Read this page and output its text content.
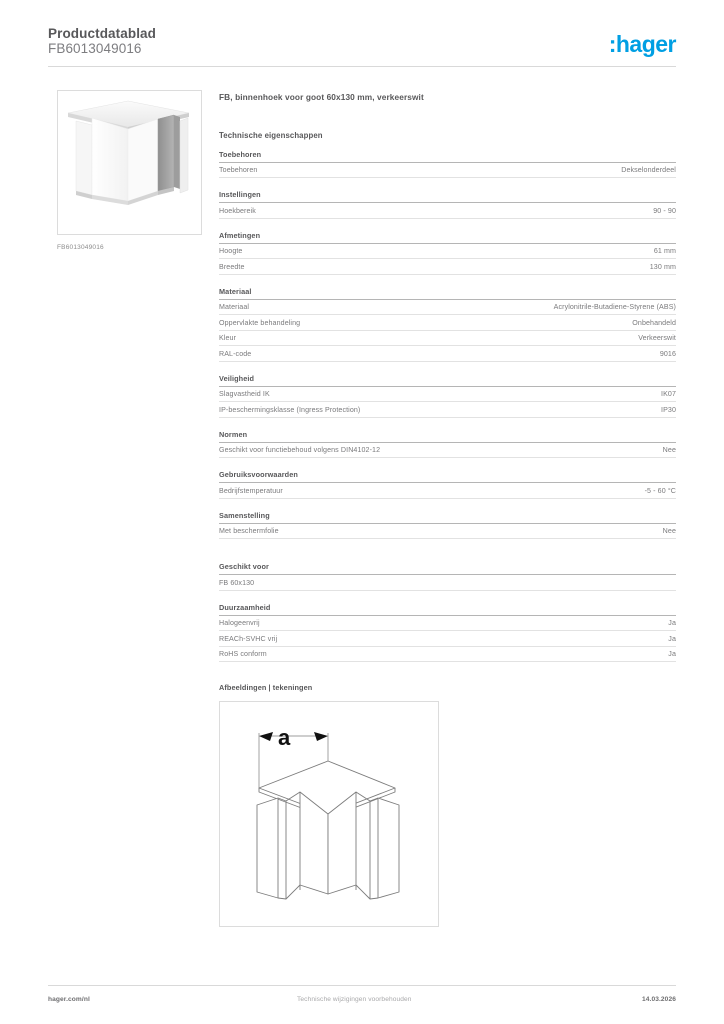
Productdatablad
FB6013049016	:hager
FB6013049016
FB, binnenhoek voor goot 60x130 mm, verkeerswit
Technische eigenschappen
Toebehoren
Toebehoren	Dekselonderdeel
Instellingen
Hoekbereik	90 - 90
Afmetingen
Hoogte	61 mm
Breedte	130 mm
Materiaal
Materiaal	Acrylonitrile-Butadiene-Styrene (ABS)
Oppervlakte behandeling	Onbehandeld
Kleur	Verkeerswit
RAL-code	9016
Veiligheid
Slagvastheid IK	IK07
IP-beschermingsklasse (Ingress Protection)	IP30
Normen
Geschikt voor functiebehoud volgens DIN4102-12	Nee
Gebruiksvoorwaarden
Bedrijfstemperatuur	-5 - 60 °C
Samenstelling
Met beschermfolie	Nee
Geschikt voor
FB 60x130
Duurzaamheid
Halogeenvrij	Ja
REACh-SVHC vrij	Ja
RoHS conform	Ja
Afbeeldingen | tekeningen
a
hager.com/nl	Technische wijzigingen voorbehouden	14.03.2026
